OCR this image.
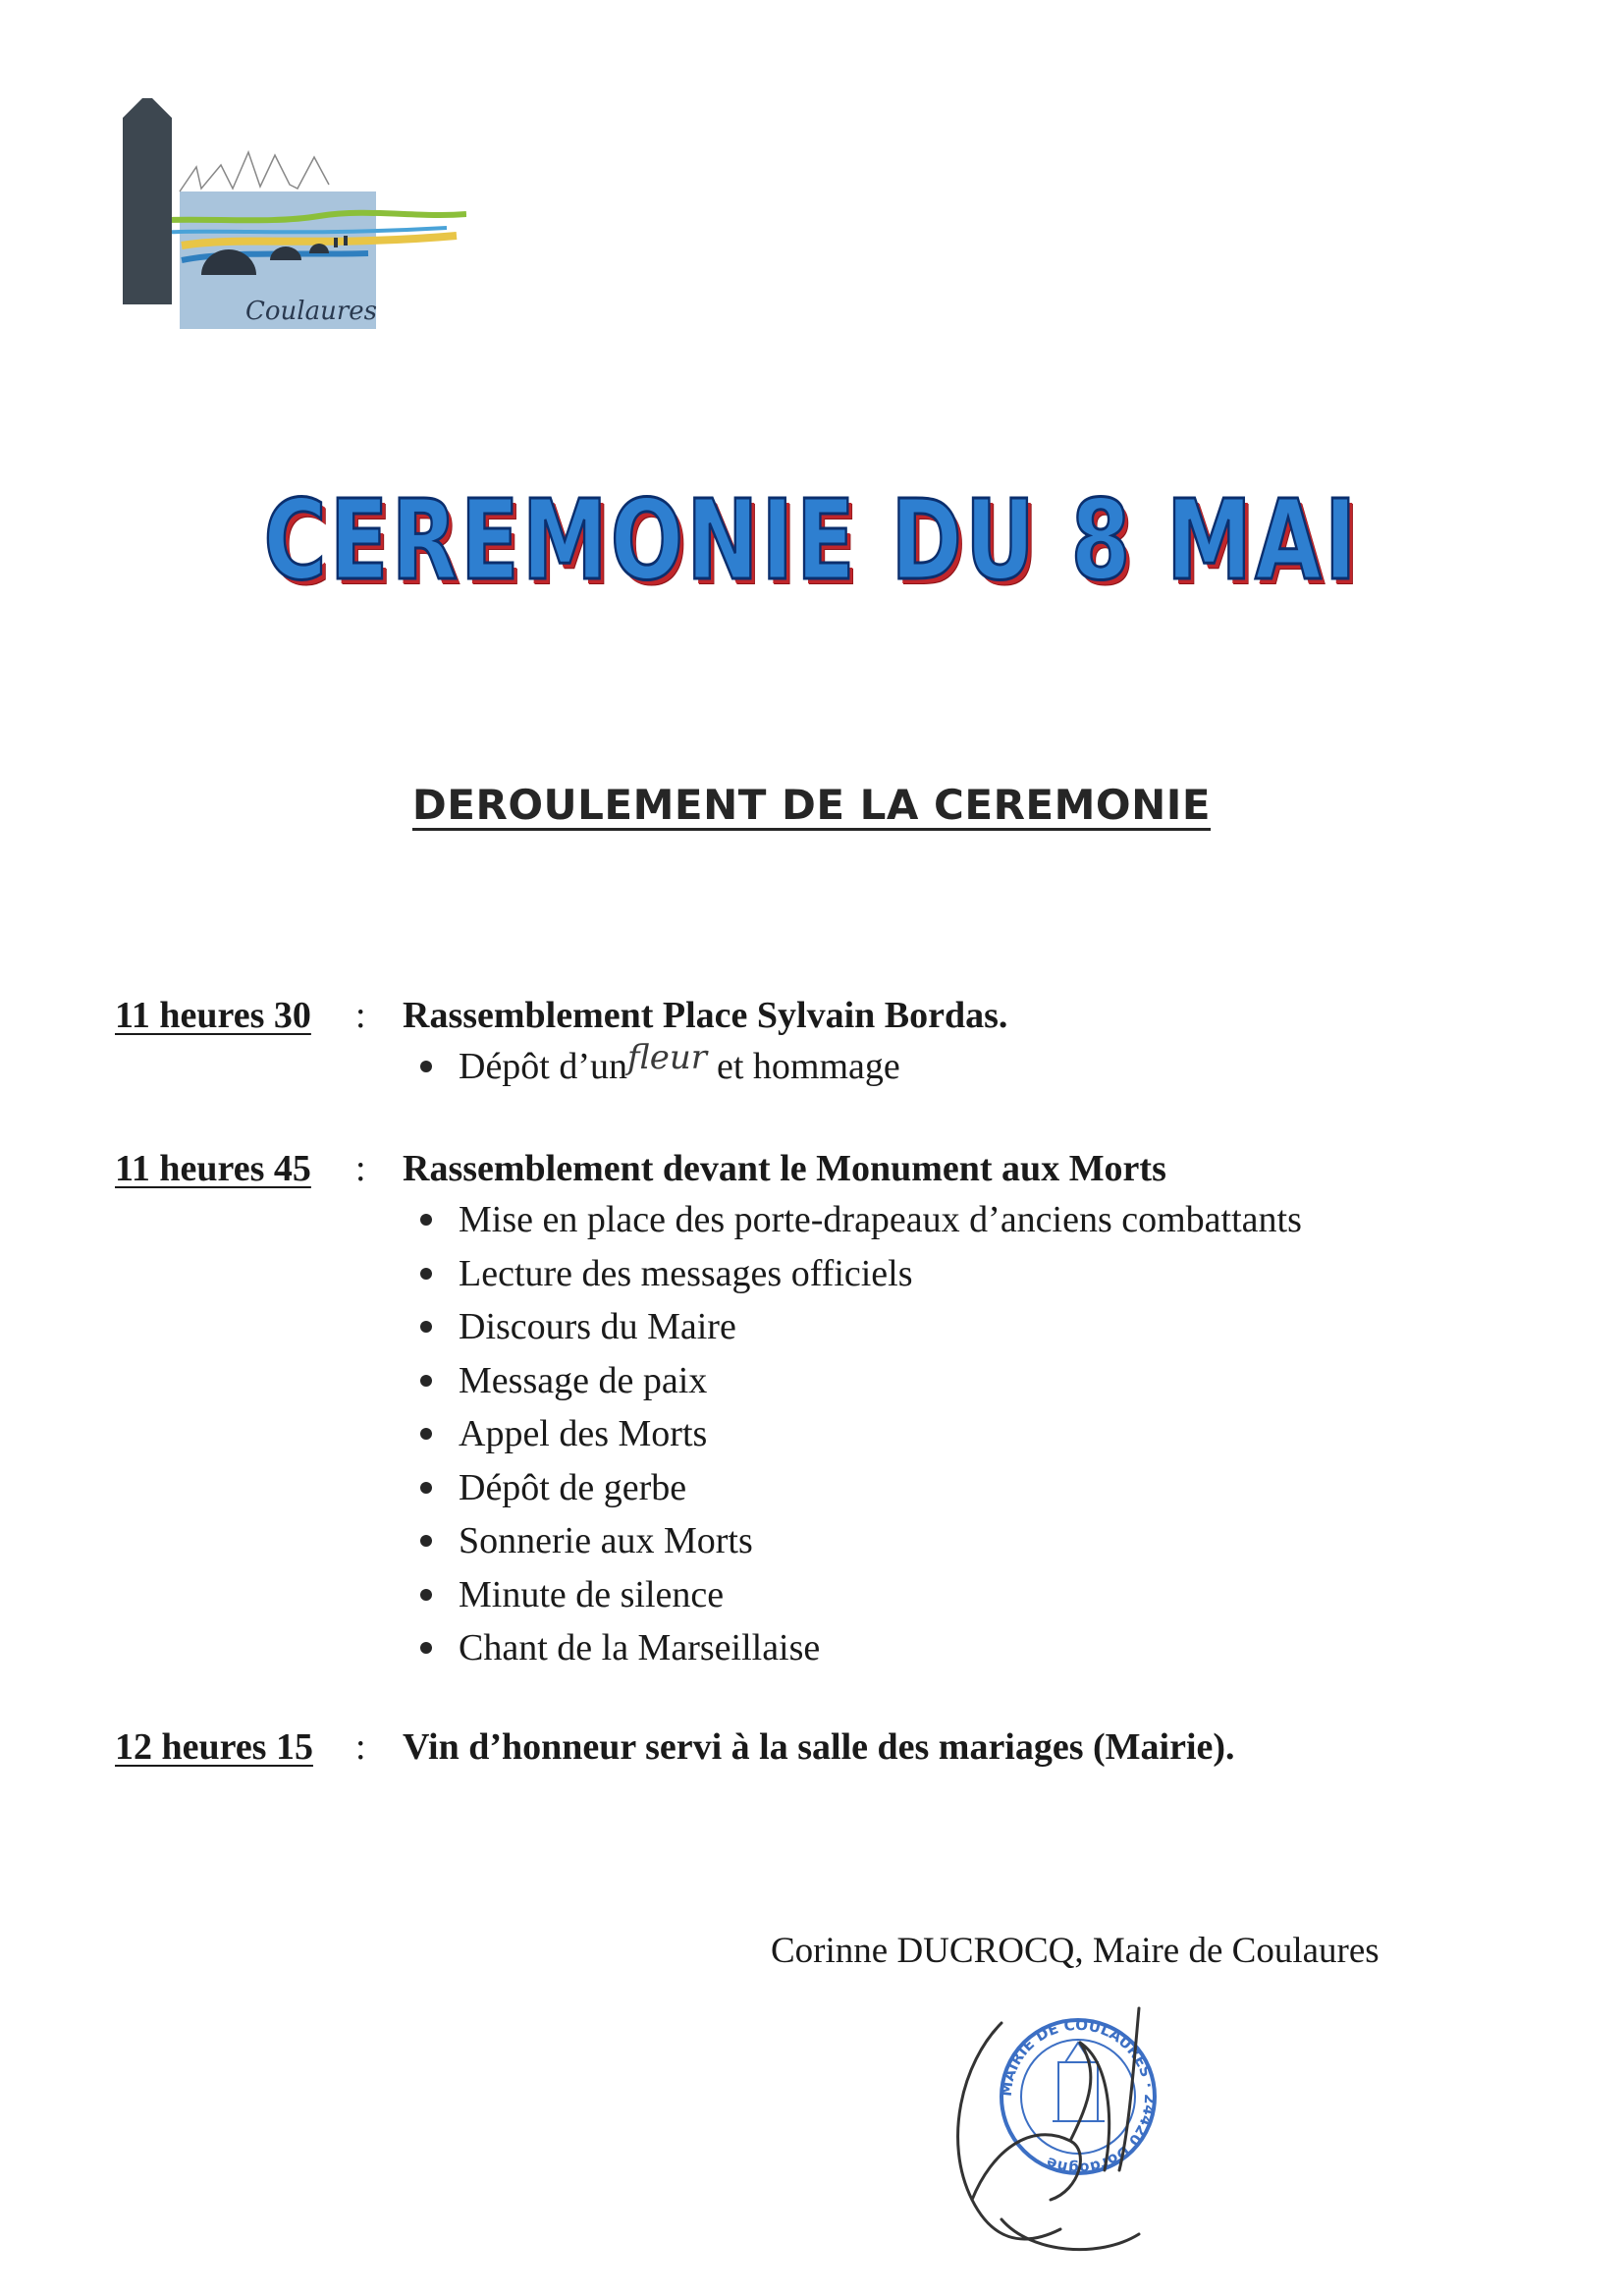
Coulaures
CEREMONIE DU 8 MAI
DEROULEMENT DE LA CEREMONIE
11 heures 30 : Rassemblement Place Sylvain Bordas.
Dépôt d’unfleur et hommage
11 heures 45 : Rassemblement devant le Monument aux Morts
Mise en place des porte-drapeaux d’anciens combattants
Lecture des messages officiels
Discours du Maire
Message de paix
Appel des Morts
Dépôt de gerbe
Sonnerie aux Morts
Minute de silence
Chant de la Marseillaise
12 heures 15 : Vin d’honneur servi à la salle des mariages (Mairie).
Corinne DUCROCQ, Maire de Coulaures
MAIRIE DE COULAURES · 24420 Dordogne
